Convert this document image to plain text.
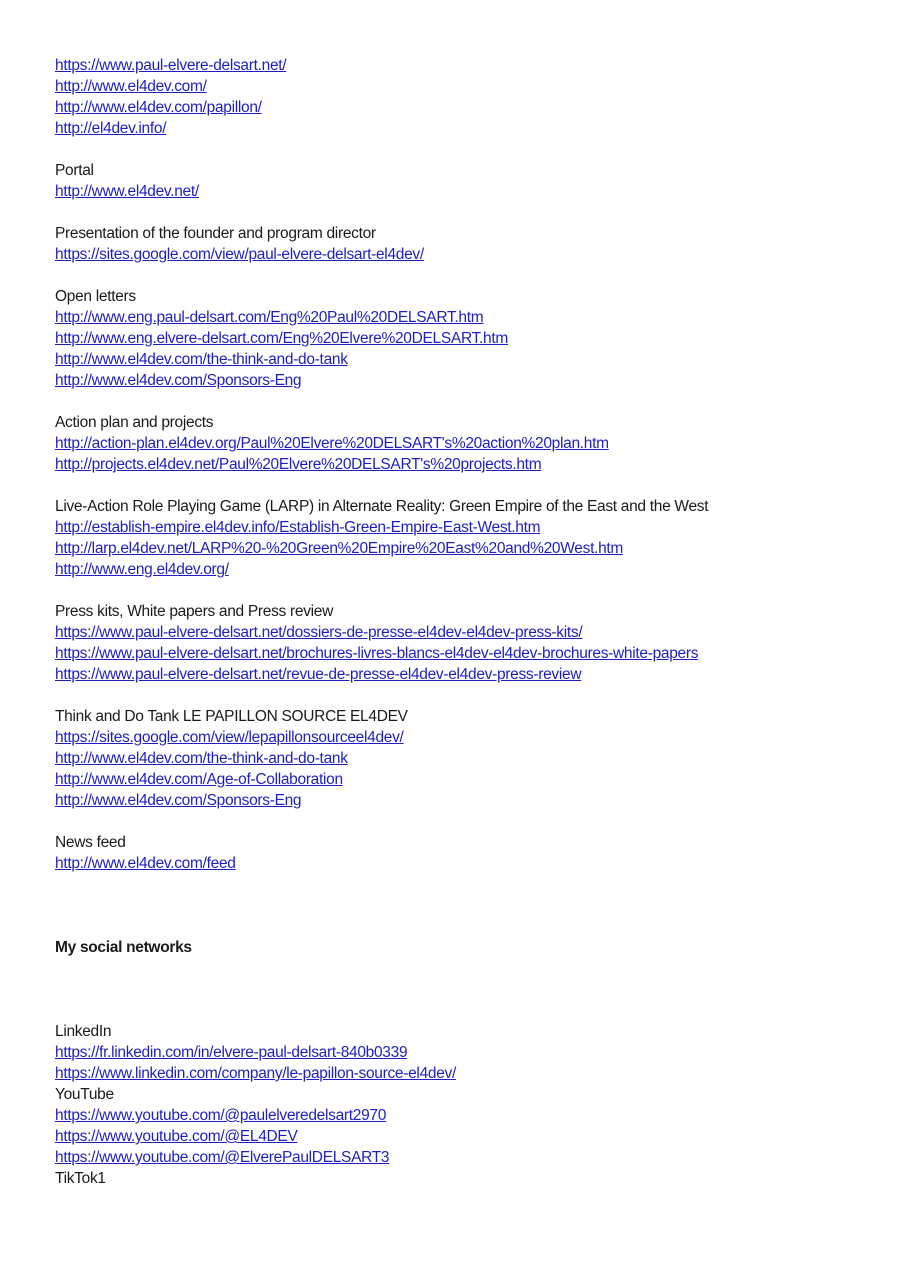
https://www.paul-elvere-delsart.net/
http://www.el4dev.com/
http://www.el4dev.com/papillon/
http://el4dev.info/
Portal
http://www.el4dev.net/
Presentation of the founder and program director
https://sites.google.com/view/paul-elvere-delsart-el4dev/
Open letters
http://www.eng.paul-delsart.com/Eng%20Paul%20DELSART.htm
http://www.eng.elvere-delsart.com/Eng%20Elvere%20DELSART.htm
http://www.el4dev.com/the-think-and-do-tank
http://www.el4dev.com/Sponsors-Eng
Action plan and projects
http://action-plan.el4dev.org/Paul%20Elvere%20DELSART's%20action%20plan.htm
http://projects.el4dev.net/Paul%20Elvere%20DELSART's%20projects.htm
Live-Action Role Playing Game (LARP) in Alternate Reality: Green Empire of the East and the West
http://establish-empire.el4dev.info/Establish-Green-Empire-East-West.htm
http://larp.el4dev.net/LARP%20-%20Green%20Empire%20East%20and%20West.htm
http://www.eng.el4dev.org/
Press kits, White papers and Press review
https://www.paul-elvere-delsart.net/dossiers-de-presse-el4dev-el4dev-press-kits/
https://www.paul-elvere-delsart.net/brochures-livres-blancs-el4dev-el4dev-brochures-white-papers
https://www.paul-elvere-delsart.net/revue-de-presse-el4dev-el4dev-press-review
Think and Do Tank LE PAPILLON SOURCE EL4DEV
https://sites.google.com/view/lepapillonsourceel4dev/
http://www.el4dev.com/the-think-and-do-tank
http://www.el4dev.com/Age-of-Collaboration
http://www.el4dev.com/Sponsors-Eng
News feed
http://www.el4dev.com/feed
My social networks
LinkedIn
https://fr.linkedin.com/in/elvere-paul-delsart-840b0339
https://www.linkedin.com/company/le-papillon-source-el4dev/
YouTube
https://www.youtube.com/@paulelveredelsart2970
https://www.youtube.com/@EL4DEV
https://www.youtube.com/@ElverePaulDELSART3
TikTok1
